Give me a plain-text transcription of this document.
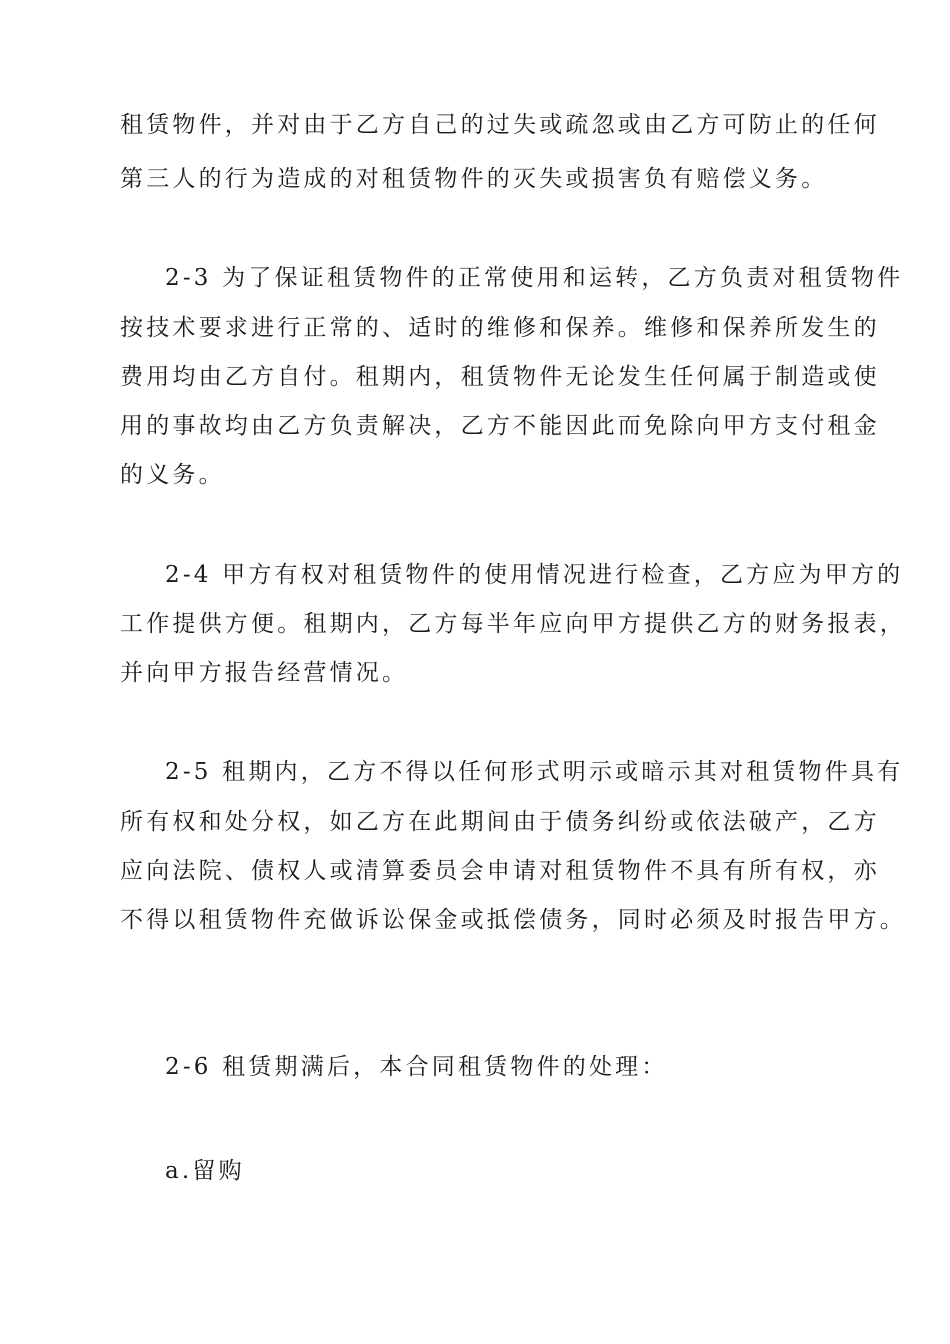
租赁物件，并对由于乙方自己的过失或疏忽或由乙方可防止的任何
第三人的行为造成的对租赁物件的灭失或损害负有赔偿义务。
2-3 为了保证租赁物件的正常使用和运转，乙方负责对租赁物件
按技术要求进行正常的、适时的维修和保养。维修和保养所发生的
费用均由乙方自付。租期内，租赁物件无论发生任何属于制造或使
用的事故均由乙方负责解决，乙方不能因此而免除向甲方支付租金
的义务。
2-4 甲方有权对租赁物件的使用情况进行检查，乙方应为甲方的
工作提供方便。租期内，乙方每半年应向甲方提供乙方的财务报表，
并向甲方报告经营情况。
2-5 租期内，乙方不得以任何形式明示或暗示其对租赁物件具有
所有权和处分权，如乙方在此期间由于债务纠纷或依法破产，乙方
应向法院、债权人或清算委员会申请对租赁物件不具有所有权，亦
不得以租赁物件充做诉讼保金或抵偿债务，同时必须及时报告甲方。
2-6 租赁期满后，本合同租赁物件的处理：
a.留购
